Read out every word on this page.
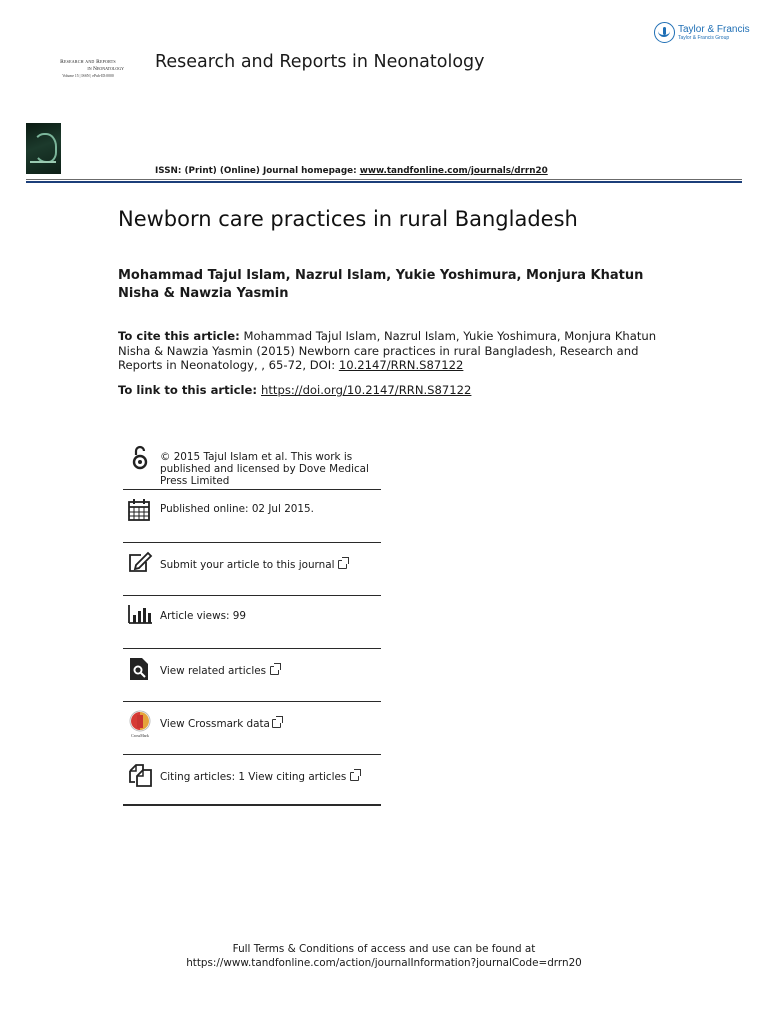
Taylor & Francis
Taylor & Francis Group
Research and Reports
in Neonatology
Volume 15 | ISSN | ePub-ID:0000
Research and Reports in Neonatology
ISSN: (Print) (Online) Journal homepage: www.tandfonline.com/journals/drrn20
Newborn care practices in rural Bangladesh
Mohammad Tajul Islam, Nazrul Islam, Yukie Yoshimura, Monjura Khatun Nisha & Nawzia Yasmin
To cite this article: Mohammad Tajul Islam, Nazrul Islam, Yukie Yoshimura, Monjura Khatun Nisha & Nawzia Yasmin (2015) Newborn care practices in rural Bangladesh, Research and Reports in Neonatology, , 65-72, DOI: 10.2147/RRN.S87122
To link to this article: https://doi.org/10.2147/RRN.S87122
© 2015 Tajul Islam et al. This work is published and licensed by Dove Medical Press Limited
Published online: 02 Jul 2015.
Submit your article to this journal
Article views: 99
View related articles
CrossMark
View Crossmark data
Citing articles: 1 View citing articles
Full Terms & Conditions of access and use can be found at
https://www.tandfonline.com/action/journalInformation?journalCode=drrn20
